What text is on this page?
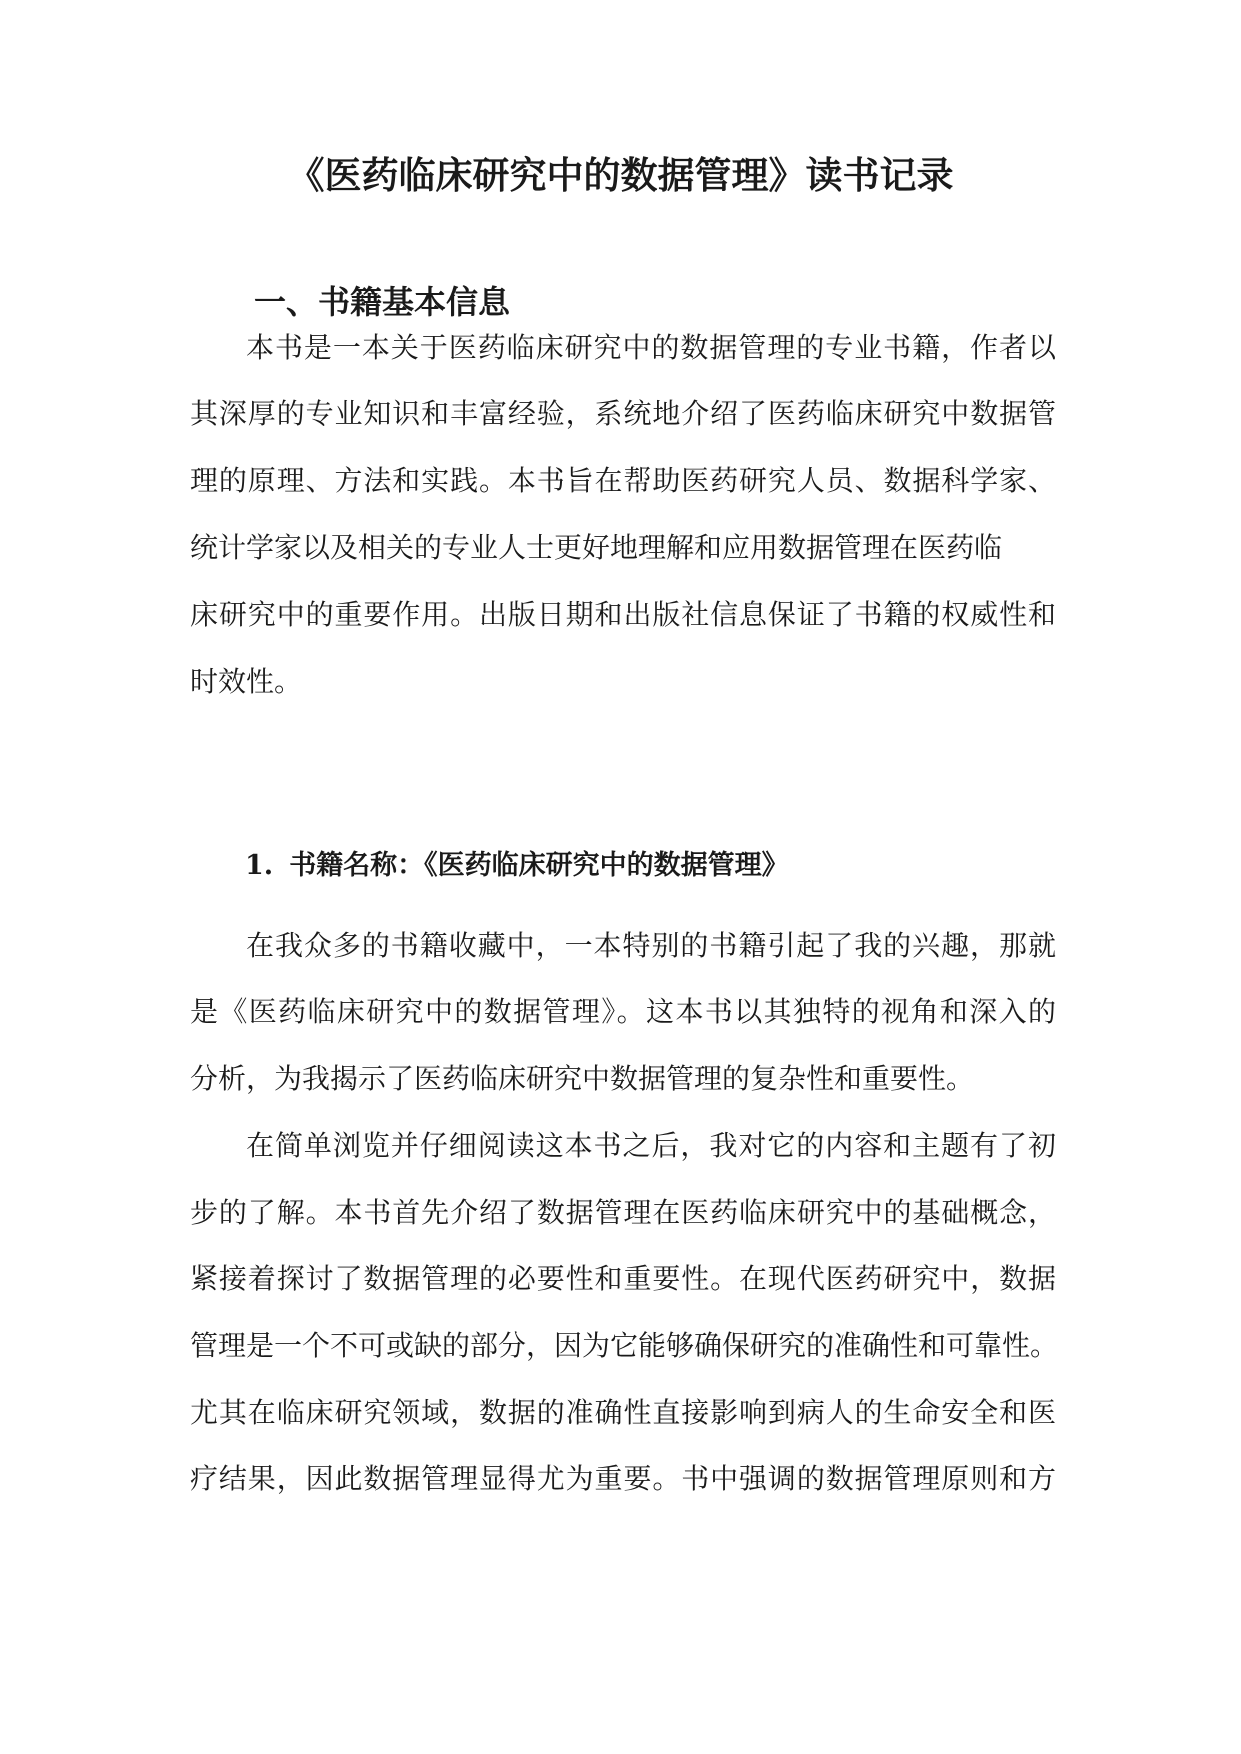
《医药临床研究中的数据管理》读书记录
一、书籍基本信息

本书是一本关于医药临床研究中的数据管理的专业书籍，作者以

其深厚的专业知识和丰富经验，系统地介绍了医药临床研究中数据管

理的原理、方法和实践。本书旨在帮助医药研究人员、数据科学家、

统计学家以及相关的专业人士更好地理解和应用数据管理在医药临

床研究中的重要作用。出版日期和出版社信息保证了书籍的权威性和

时效性。

1. 书籍名称：《医药临床研究中的数据管理》

在我众多的书籍收藏中，一本特别的书籍引起了我的兴趣，那就

是《医药临床研究中的数据管理》。这本书以其独特的视角和深入的

分析，为我揭示了医药临床研究中数据管理的复杂性和重要性。

在简单浏览并仔细阅读这本书之后，我对它的内容和主题有了初

步的了解。本书首先介绍了数据管理在医药临床研究中的基础概念，

紧接着探讨了数据管理的必要性和重要性。在现代医药研究中，数据

管理是一个不可或缺的部分，因为它能够确保研究的准确性和可靠性。

尤其在临床研究领域，数据的准确性直接影响到病人的生命安全和医

疗结果，因此数据管理显得尤为重要。书中强调的数据管理原则和方
